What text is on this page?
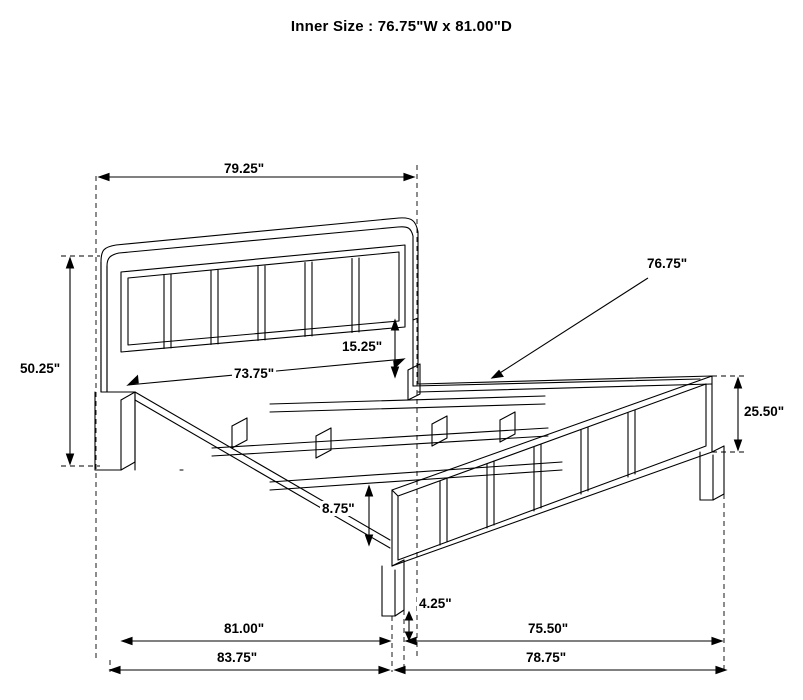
Inner Size : 76.75"W x 81.00"D
79.25"
50.25"	73.75"
15.25"
76.75"
25.50"
8.75"
4.25"
81.00"	75.50"
83.75"	78.75"
